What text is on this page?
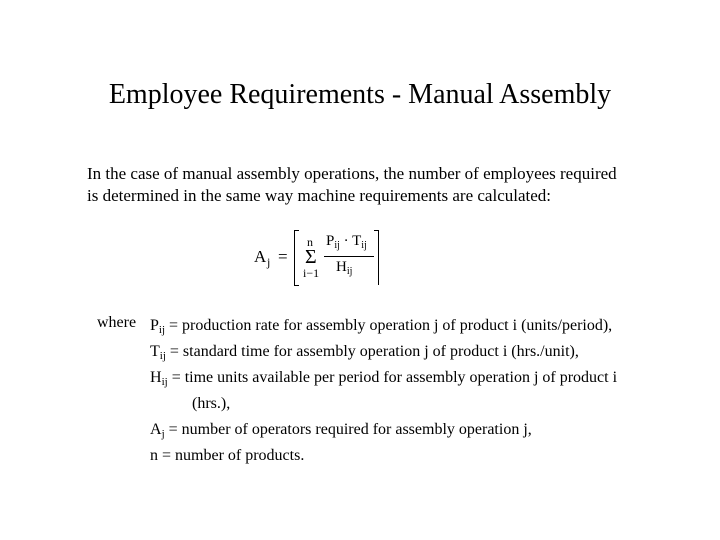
Employee Requirements - Manual Assembly
In the case of manual assembly operations, the number of employees required
is determined in the same way machine requirements are calculated:
A j =
n
Σ
i−1
$P_{ij} \cdot T_{ij}$
$H_{ij}$
where $P_{ij}$ = production rate for assembly operation j of product i (units/period),
$T_{ij}$ = standard time for assembly operation j of product i (hrs./unit),
$H_{ij}$ = time units available per period for assembly operation j of product i
(hrs.),
$A_j$ = number of operators required for assembly operation j,
n = number of products.
